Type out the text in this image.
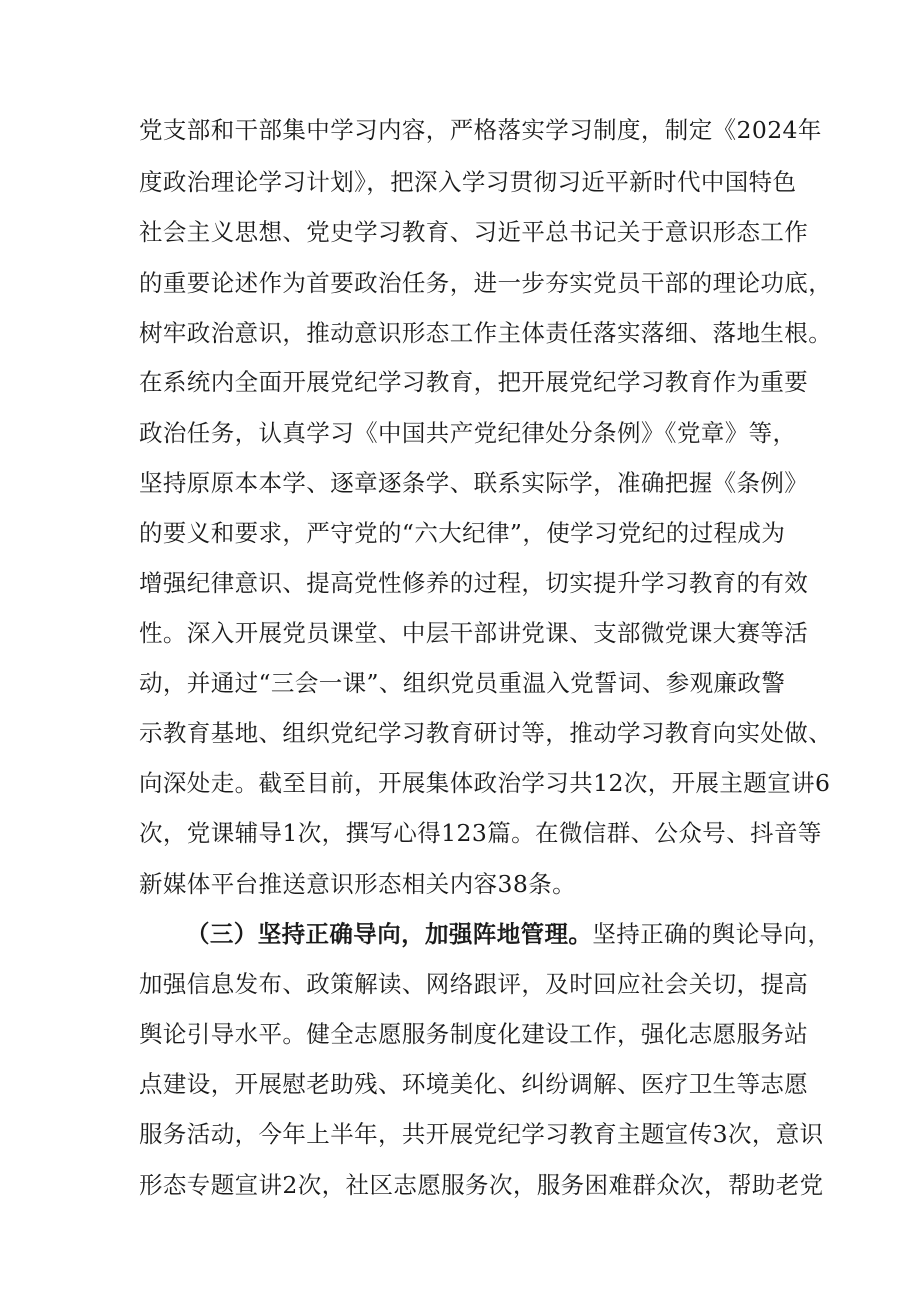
党支部和干部集中学习内容，严格落实学习制度，制定《2024年
度政治理论学习计划》，把深入学习贯彻习近平新时代中国特色
社会主义思想、党史学习教育、习近平总书记关于意识形态工作
的重要论述作为首要政治任务，进一步夯实党员干部的理论功底，
树牢政治意识，推动意识形态工作主体责任落实落细、落地生根。
在系统内全面开展党纪学习教育，把开展党纪学习教育作为重要
政治任务，认真学习《中国共产党纪律处分条例》《党章》等，
坚持原原本本学、逐章逐条学、联系实际学，准确把握《条例》
的要义和要求，严守党的“六大纪律”，使学习党纪的过程成为
增强纪律意识、提高党性修养的过程，切实提升学习教育的有效
性。深入开展党员课堂、中层干部讲党课、支部微党课大赛等活
动，并通过“三会一课”、组织党员重温入党誓词、参观廉政警
示教育基地、组织党纪学习教育研讨等，推动学习教育向实处做、
向深处走。截至目前，开展集体政治学习共12次，开展主题宣讲6
次，党课辅导1次，撰写心得123篇。在微信群、公众号、抖音等
新媒体平台推送意识形态相关内容38条。
（三）坚持正确导向，加强阵地管理。坚持正确的舆论导向，
加强信息发布、政策解读、网络跟评，及时回应社会关切，提高
舆论引导水平。健全志愿服务制度化建设工作，强化志愿服务站
点建设，开展慰老助残、环境美化、纠纷调解、医疗卫生等志愿
服务活动，今年上半年，共开展党纪学习教育主题宣传3次，意识
形态专题宣讲2次，社区志愿服务次，服务困难群众次，帮助老党
